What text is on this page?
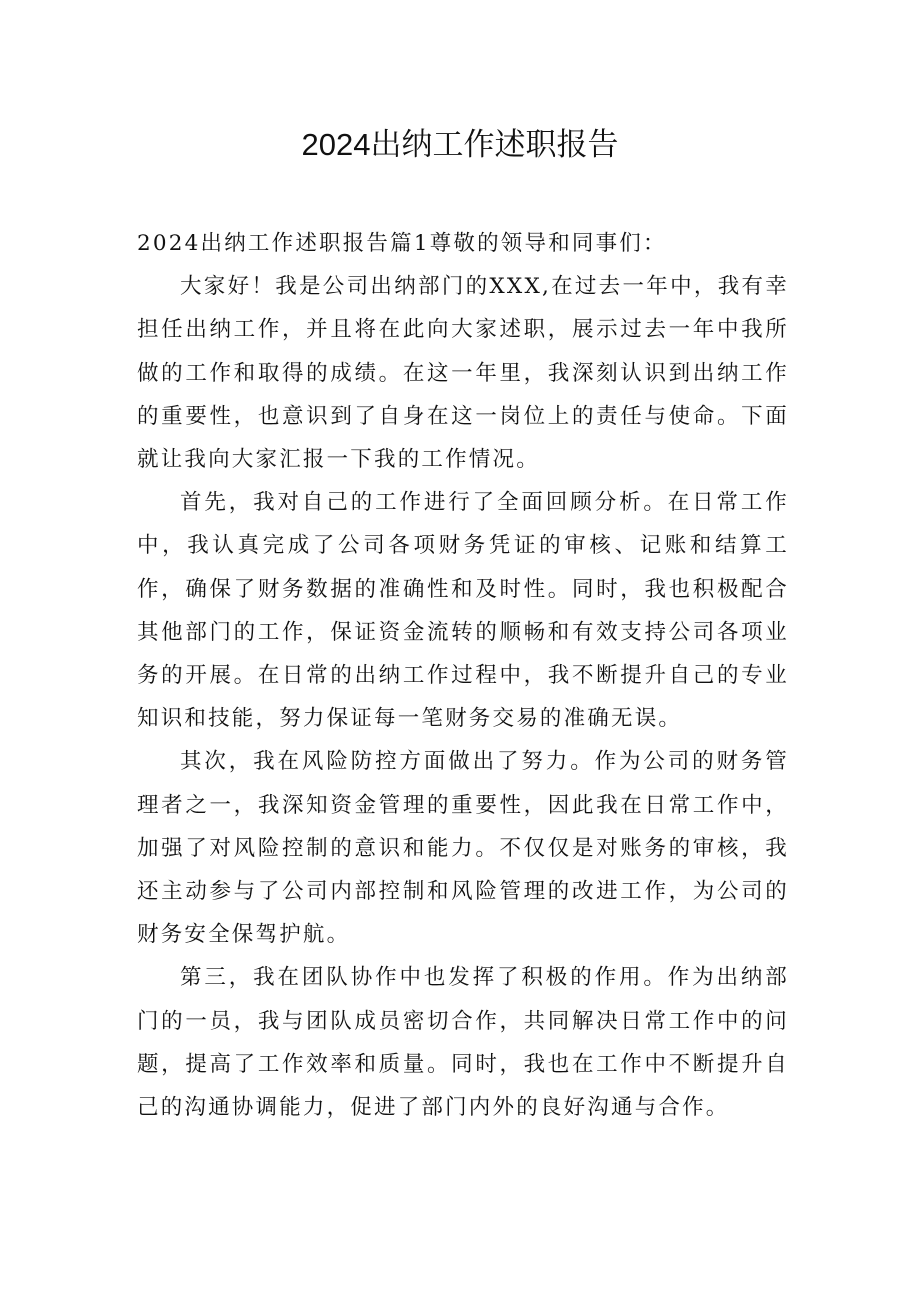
2024出纳工作述职报告

2024出纳工作述职报告篇1尊敬的领导和同事们：

大家好！我是公司出纳部门的XXX,在过去一年中，我有幸担任出纳工作，并且将在此向大家述职，展示过去一年中我所做的工作和取得的成绩。在这一年里，我深刻认识到出纳工作的重要性，也意识到了自身在这一岗位上的责任与使命。下面就让我向大家汇报一下我的工作情况。

首先，我对自己的工作进行了全面回顾分析。在日常工作中，我认真完成了公司各项财务凭证的审核、记账和结算工作，确保了财务数据的准确性和及时性。同时，我也积极配合其他部门的工作，保证资金流转的顺畅和有效支持公司各项业务的开展。在日常的出纳工作过程中，我不断提升自己的专业知识和技能，努力保证每一笔财务交易的准确无误。

其次，我在风险防控方面做出了努力。作为公司的财务管理者之一，我深知资金管理的重要性，因此我在日常工作中，加强了对风险控制的意识和能力。不仅仅是对账务的审核，我还主动参与了公司内部控制和风险管理的改进工作，为公司的财务安全保驾护航。

第三，我在团队协作中也发挥了积极的作用。作为出纳部门的一员，我与团队成员密切合作，共同解决日常工作中的问题，提高了工作效率和质量。同时，我也在工作中不断提升自己的沟通协调能力，促进了部门内外的良好沟通与合作。
